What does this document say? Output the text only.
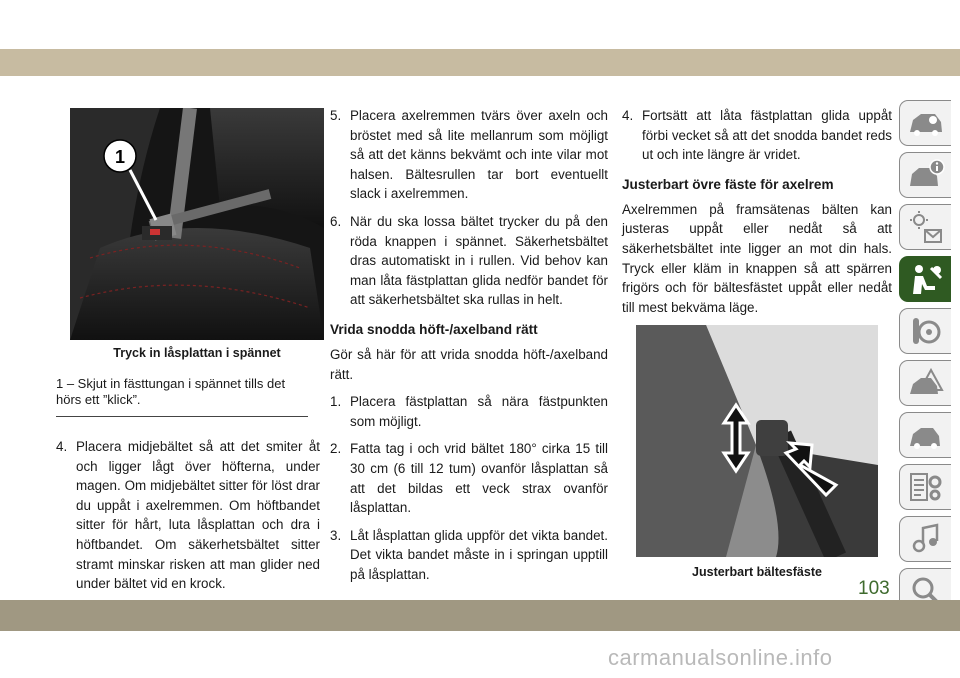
1
Tryck in låsplattan i spännet
1 – Skjut in fästtungan i spännet tills det hörs ett ”klick”.
4. Placera midjebältet så att det smiter åt och ligger lågt över höfterna, under magen. Om midjebältet sitter för löst drar du uppåt i axelremmen. Om höftbandet sitter för hårt, luta låsplattan och dra i höftbandet. Om säkerhetsbältet sitter stramt minskar risken att man glider ned under bältet vid en krock.
5. Placera axelremmen tvärs över axeln och bröstet med så lite mellanrum som möjligt så att det känns bekvämt och inte vilar mot halsen. Bältesrullen tar bort eventuellt slack i axelremmen.
6. När du ska lossa bältet trycker du på den röda knappen i spännet. Säkerhetsbältet dras automatiskt in i rullen. Vid behov kan man låta fästplattan glida nedför bandet för att säkerhetsbältet ska rullas in helt.
Vrida snodda höft-/axelband rätt

Gör så här för att vrida snodda höft-/axelband rätt.

1. Placera fästplattan så nära fästpunkten som möjligt.
2. Fatta tag i och vrid bältet 180° cirka 15 till 30 cm (6 till 12 tum) ovanför låsplattan så att det bildas ett veck strax ovanför låsplattan.
3. Låt låsplattan glida uppför det vikta bandet. Det vikta bandet måste in i springan upptill på låsplattan.
4. Fortsätt att låta fästplattan glida uppåt förbi vecket så att det snodda bandet reds ut och inte längre är vridet.
Justerbart övre fäste för axelrem

Axelremmen på framsätenas bälten kan justeras uppåt eller nedåt så att säkerhetsbältet inte ligger an mot din hals. Tryck eller kläm in knappen så att spärren frigörs och för bältesfästet uppåt eller nedåt till mest bekväma läge.

Justerbart bältesfäste
103
carmanualsonline.info
